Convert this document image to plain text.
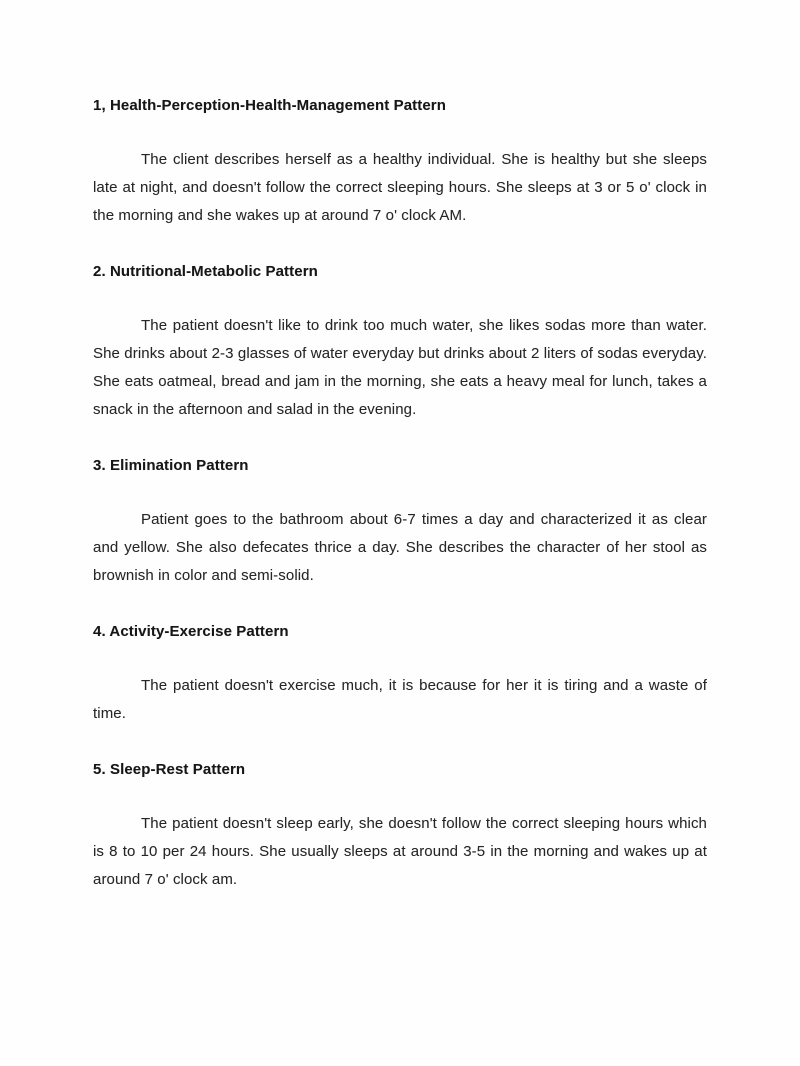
1, Health-Perception-Health-Management Pattern

The client describes herself as a healthy individual. She is healthy but she sleeps late at night, and doesn't follow the correct sleeping hours. She sleeps at 3 or 5 o' clock in the morning and she wakes up at around 7 o' clock AM.

2. Nutritional-Metabolic Pattern

The patient doesn't like to drink too much water, she likes sodas more than water. She drinks about 2-3 glasses of water everyday but drinks about 2 liters of sodas everyday. She eats oatmeal, bread and jam in the morning, she eats a heavy meal for lunch, takes a snack in the afternoon and salad in the evening.

3. Elimination Pattern

Patient goes to the bathroom about 6-7 times a day and characterized it as clear and yellow. She also defecates thrice a day. She describes the character of her stool as brownish in color and semi-solid.

4. Activity-Exercise Pattern

The patient doesn't exercise much, it is because for her it is tiring and a waste of time.

5. Sleep-Rest Pattern

The patient doesn't sleep early, she doesn't follow the correct sleeping hours which is 8 to 10 per 24 hours. She usually sleeps at around 3-5 in the morning and wakes up at around 7 o' clock am.
